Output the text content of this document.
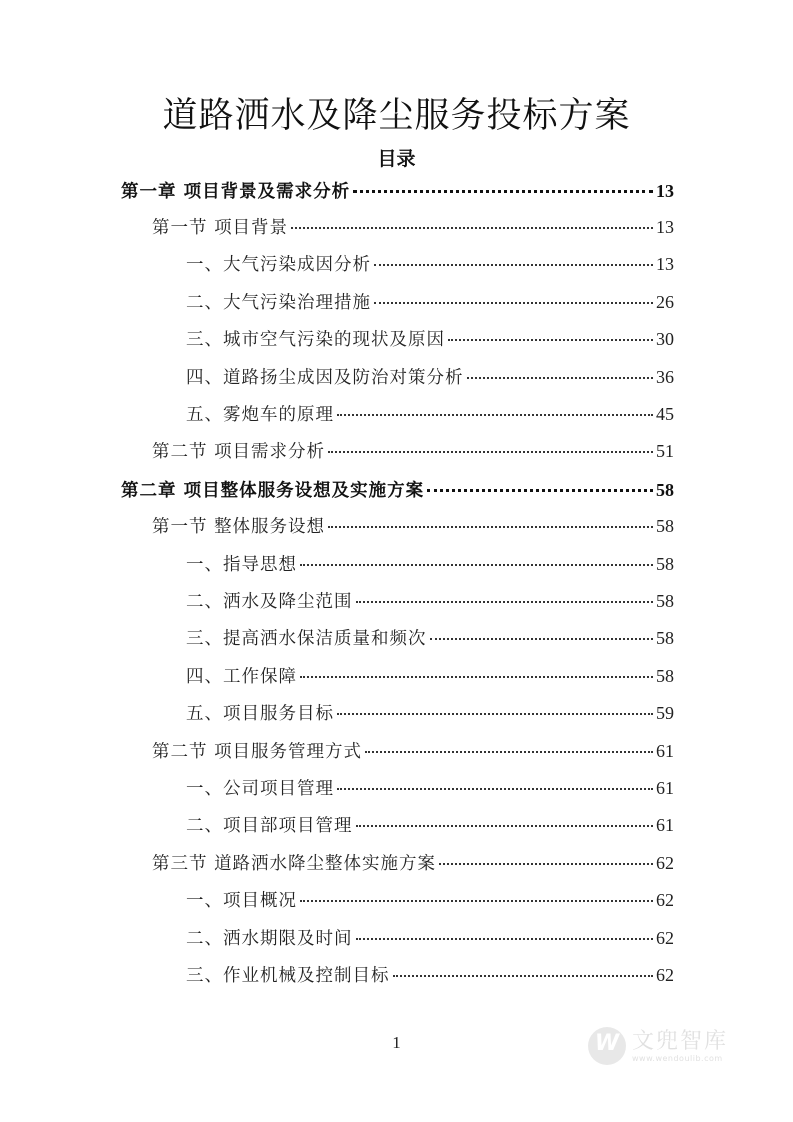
道路洒水及降尘服务投标方案
目录
第一章 项目背景及需求分析	13
第一节 项目背景	13
一、大气污染成因分析	13
二、大气污染治理措施	26
三、城市空气污染的现状及原因	30
四、道路扬尘成因及防治对策分析	36
五、雾炮车的原理	45
第二节 项目需求分析	51
第二章 项目整体服务设想及实施方案	58
第一节 整体服务设想	58
一、指导思想	58
二、洒水及降尘范围	58
三、提高洒水保洁质量和频次	58
四、工作保障	58
五、项目服务目标	59
第二节 项目服务管理方式	61
一、公司项目管理	61
二、项目部项目管理	61
第三节 道路洒水降尘整体实施方案	62
一、项目概况	62
二、洒水期限及时间	62
三、作业机械及控制目标	62
1	W 文兜智库
www.wendoulib.com
